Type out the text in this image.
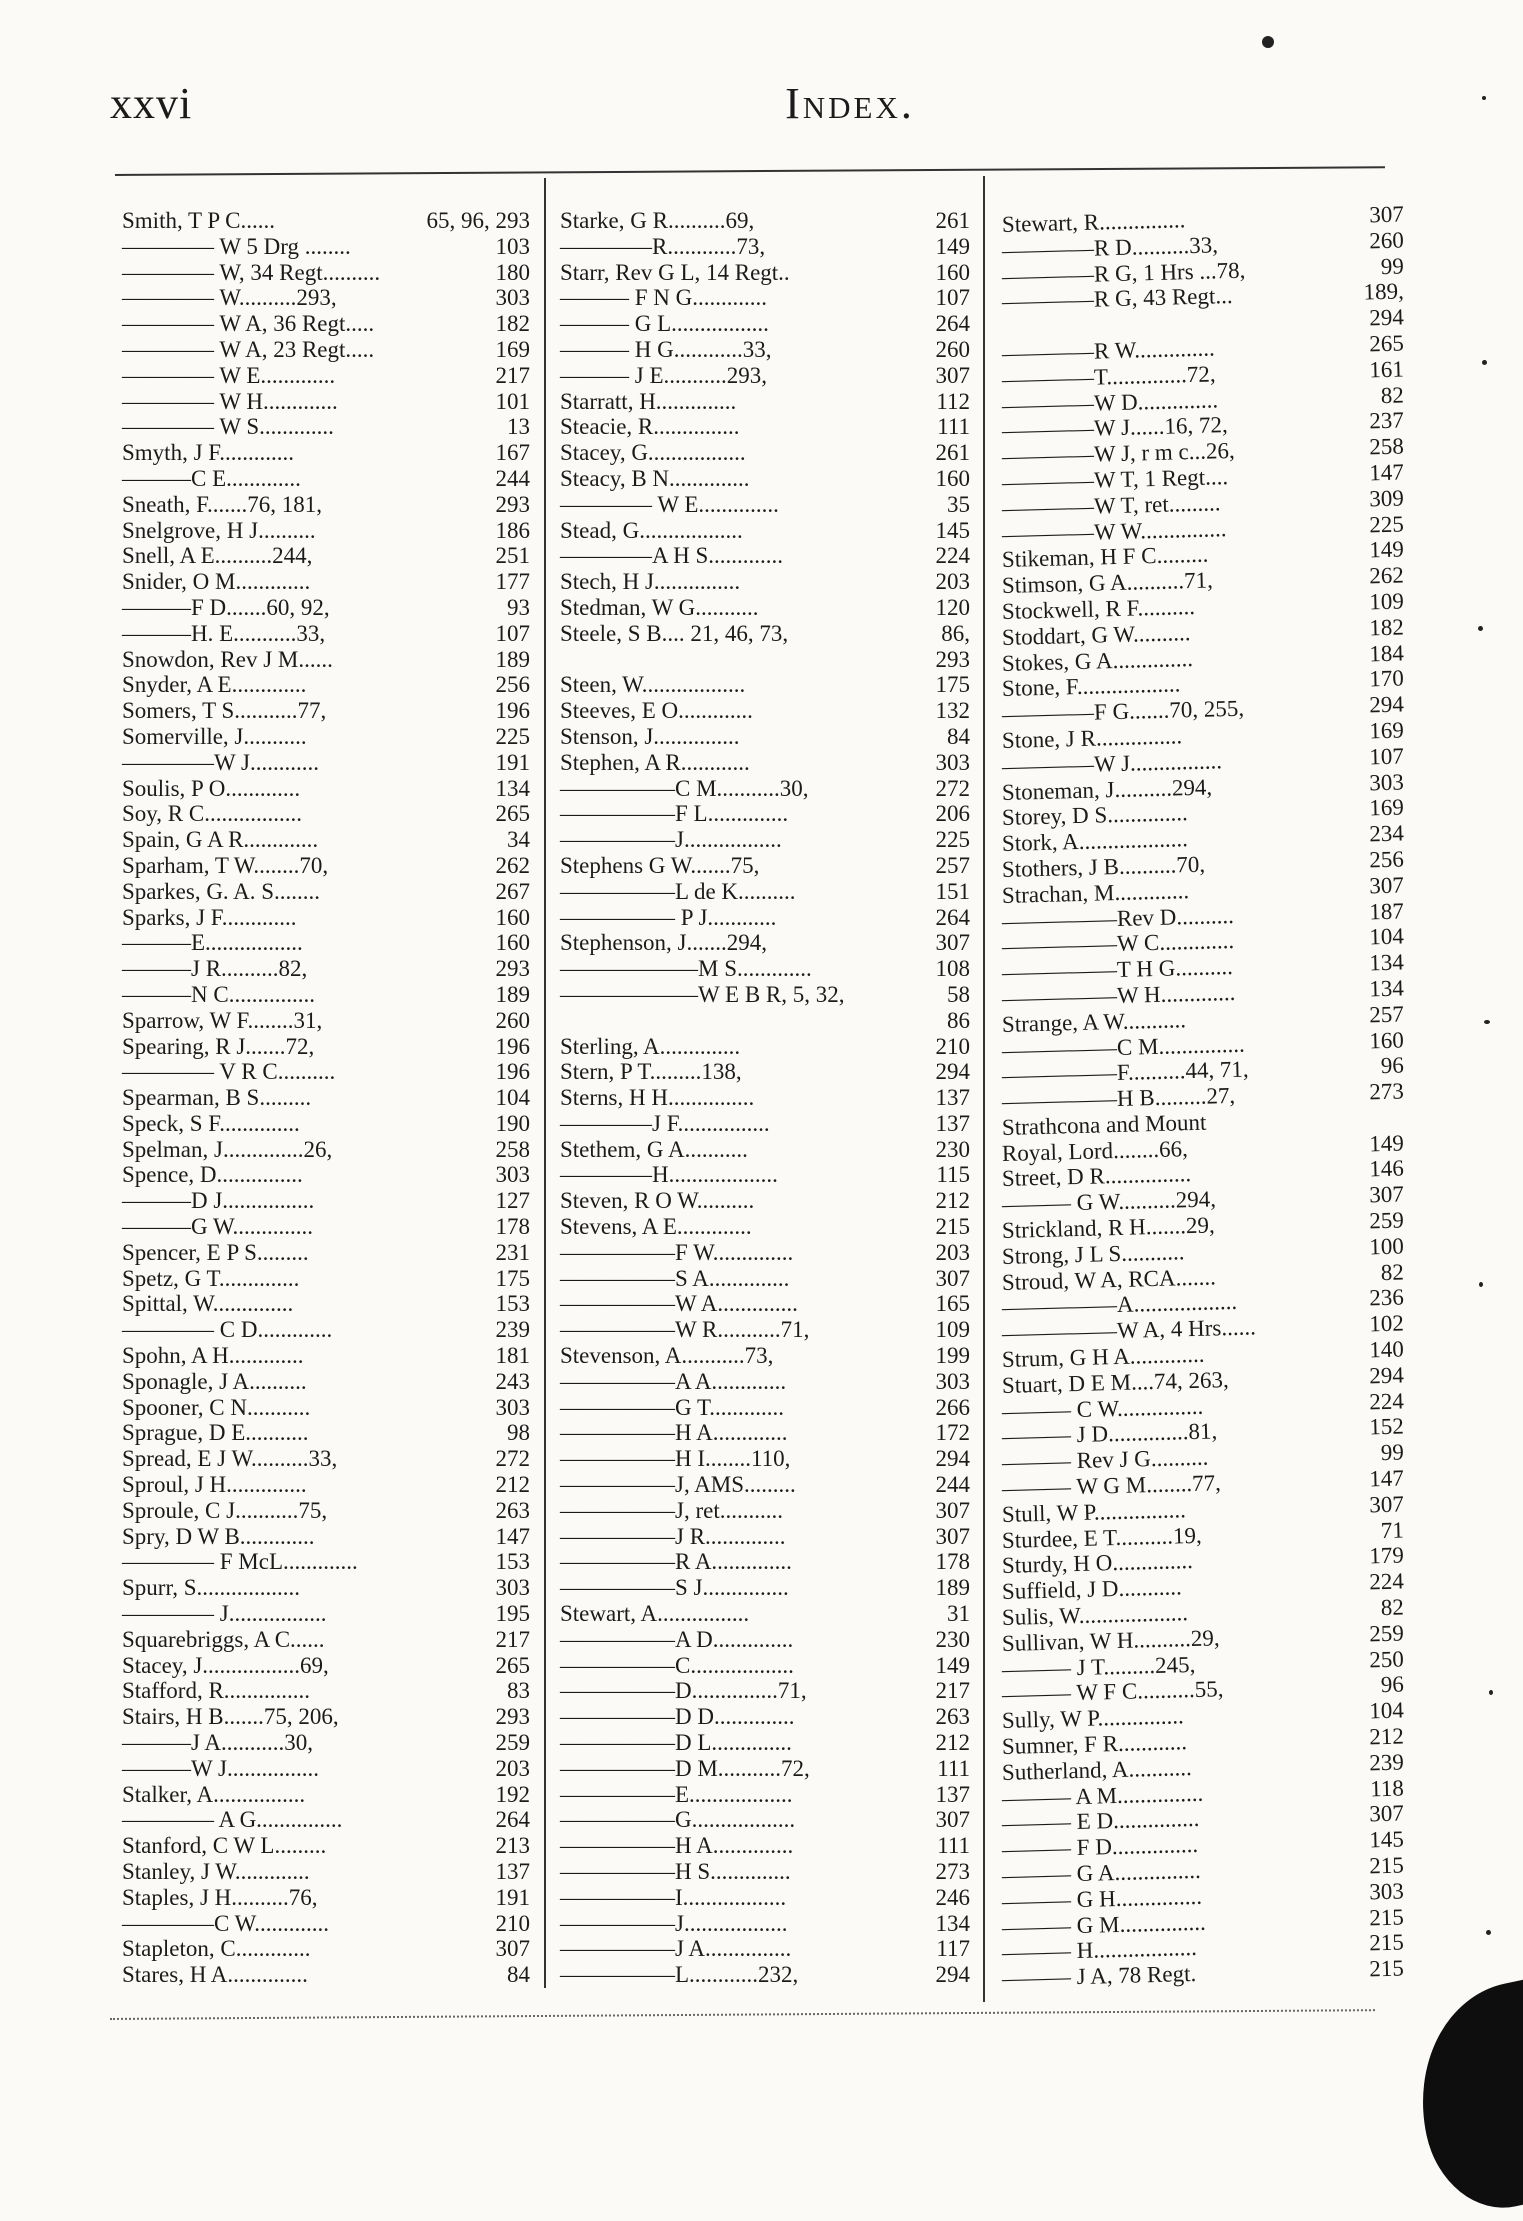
xxvi	Index.
Smith, T P C......	65, 96, 293
———— W 5 Drg ........	103
———— W, 34 Regt..........	180
———— W..........293,	303
———— W A, 36 Regt.....	182
———— W A, 23 Regt.....	169
———— W E.............	217
———— W H.............	101
———— W S.............	13
Smyth, J F.............	167
———C E.............	244
Sneath, F.......76, 181,	293
Snelgrove, H J..........	186
Snell, A E..........244,	251
Snider, O M.............	177
———F D.......60, 92,	93
———H. E...........33,	107
Snowdon, Rev J M......	189
Snyder, A E.............	256
Somers, T S...........77,	196
Somerville, J...........	225
————W J............	191
Soulis, P O.............	134
Soy, R C.................	265
Spain, G A R.............	34
Sparham, T W........70,	262
Sparkes, G. A. S........	267
Sparks, J F.............	160
———E.................	160
———J R..........82,	293
———N C...............	189
Sparrow, W F........31,	260
Spearing, R J.......72,	196
———— V R C..........	196
Spearman, B S.........	104
Speck, S F..............	190
Spelman, J..............26,	258
Spence, D...............	303
———D J................	127
———G W..............	178
Spencer, E P S.........	231
Spetz, G T..............	175
Spittal, W..............	153
———— C D.............	239
Spohn, A H.............	181
Sponagle, J A..........	243
Spooner, C N...........	303
Sprague, D E...........	98
Spread, E J W..........33,	272
Sproul, J H..............	212
Sproule, C J...........75,	263
Spry, D W B.............	147
———— F McL.............	153
Spurr, S..................	303
———— J.................	195
Squarebriggs, A C......	217
Stacey, J.................69,	265
Stafford, R...............	83
Stairs, H B.......75, 206,	293
———J A...........30,	259
———W J................	203
Stalker, A................	192
———— A G...............	264
Stanford, C W L.........	213
Stanley, J W.............	137
Staples, J H..........76,	191
————C W.............	210
Stapleton, C.............	307
Stares, H A..............	84
Starke, G R..........69,	261
————R............73,	149
Starr, Rev G L, 14 Regt..	160
——— F N G.............	107
——— G L.................	264
——— H G............33,	260
——— J E...........293,	307
Starratt, H..............	112
Steacie, R...............	111
Stacey, G.................	261
Steacy, B N..............	160
———— W E..............	35
Stead, G..................	145
————A H S.............	224
Stech, H J...............	203
Stedman, W G...........	120
Steele, S B.... 21, 46, 73,	86,
293
Steen, W..................	175
Steeves, E O.............	132
Stenson, J...............	84
Stephen, A R............	303
—————C M...........30,	272
—————F L..............	206
—————J.................	225
Stephens G W.......75,	257
—————L de K..........	151
————— P J............	264
Stephenson, J.......294,	307
——————M S.............	108
——————W E B R, 5, 32,	58
86
Sterling, A..............	210
Stern, P T.........138,	294
Sterns, H H...............	137
————J F................	137
Stethem, G A...........	230
————H...................	115
Steven, R O W..........	212
Stevens, A E.............	215
—————F W..............	203
—————S A..............	307
—————W A..............	165
—————W R...........71,	109
Stevenson, A...........73,	199
—————A A.............	303
—————G T.............	266
—————H A.............	172
—————H I........110,	294
—————J, AMS.........	244
—————J, ret...........	307
—————J R..............	307
—————R A..............	178
—————S J...............	189
Stewart, A................	31
—————A D..............	230
—————C..................	149
—————D...............71,	217
—————D D..............	263
—————D L..............	212
—————D M...........72,	111
—————E..................	137
—————G..................	307
—————H A..............	111
—————H S..............	273
—————I..................	246
—————J..................	134
—————J A...............	117
—————L............232,	294
Stewart, R...............	307
————R D..........33,	260
————R G, 1 Hrs ...78,	99
————R G, 43 Regt...	189,
294
————R W..............	265
————T..............72,	161
————W D..............	82
————W J......16, 72,	237
————W J, r m c...26,	258
————W T, 1 Regt....	147
————W T, ret.........	309
————W W...............	225
Stikeman, H F C.........	149
Stimson, G A..........71,	262
Stockwell, R F..........	109
Stoddart, G W..........	182
Stokes, G A..............	184
Stone, F..................	170
————F G.......70, 255,	294
Stone, J R...............	169
————W J................	107
Stoneman, J..........294,	303
Storey, D S..............	169
Stork, A...................	234
Stothers, J B..........70,	256
Strachan, M.............	307
—————Rev D..........	187
—————W C.............	104
—————T H G..........	134
—————W H.............	134
Strange, A W...........	257
—————C M...............	160
—————F..........44, 71,	96
—————H B.........27,	273
Strathcona and Mount
Royal, Lord........66,	149
Street, D R...............	146
——— G W..........294,	307
Strickland, R H.......29,	259
Strong, J L S...........	100
Stroud, W A, RCA.......	82
—————A..................	236
—————W A, 4 Hrs......	102
Strum, G H A.............	140
Stuart, D E M....74, 263,	294
——— C W...............	224
——— J D..............81,	152
——— Rev J G..........	99
——— W G M........77,	147
Stull, W P................	307
Sturdee, E T..........19,	71
Sturdy, H O..............	179
Suffield, J D...........	224
Sulis, W...................	82
Sullivan, W H..........29,	259
——— J T.........245,	250
——— W F C..........55,	96
Sully, W P...............	104
Sumner, F R............	212
Sutherland, A...........	239
——— A M...............	118
——— E D...............	307
——— F D...............	145
——— G A...............	215
——— G H...............	303
——— G M...............	215
——— H..................	215
——— J A, 78 Regt.	215
